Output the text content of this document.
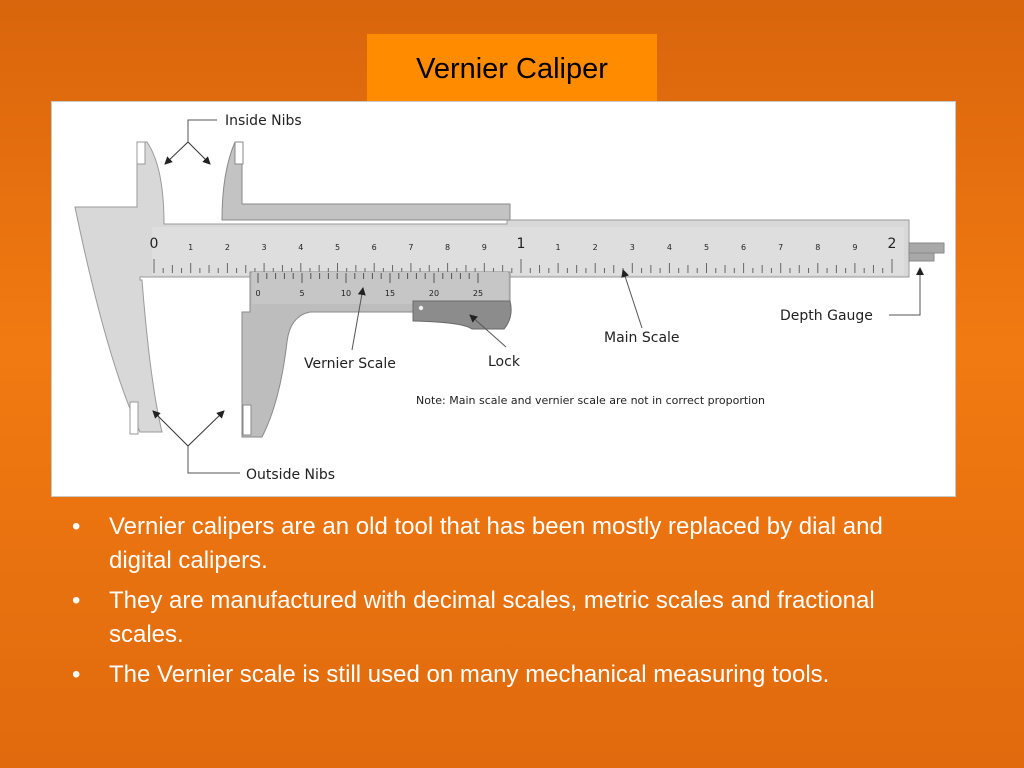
Vernier Caliper
0	1	2	3	4	5	6	7	8	9 1	1	2	3	4	5	6	7	8	9 2
0	5	10	15	20	25
Inside Nibs
Outside Nibs
Depth Gauge
Main Scale
Vernier Scale	Lock
Note: Main scale and vernier scale are not in correct proportion
• Vernier calipers are an old tool that has been mostly replaced by dial and digital calipers.
• They are manufactured with decimal scales, metric scales and fractional scales.
• The Vernier scale is still used on many mechanical measuring tools.
